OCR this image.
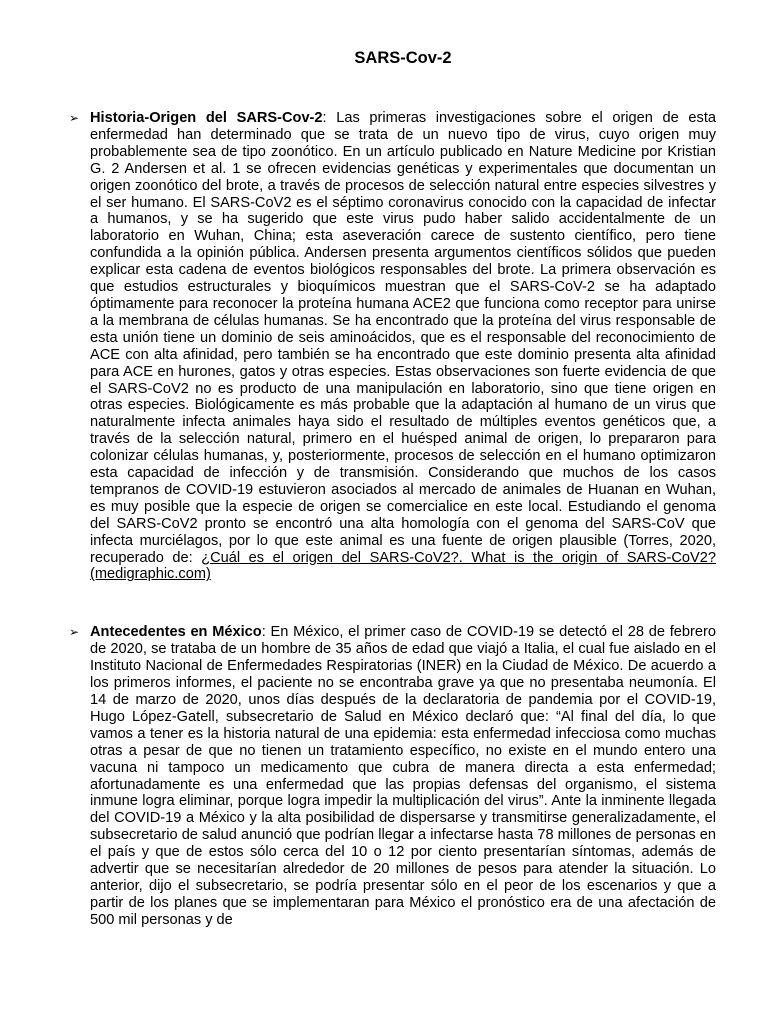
SARS-Cov-2

➢ Historia-Origen del SARS-Cov-2: Las primeras investigaciones sobre el origen de esta enfermedad han determinado que se trata de un nuevo tipo de virus, cuyo origen muy probablemente sea de tipo zoonótico. En un artículo publicado en Nature Medicine por Kristian G. 2 Andersen et al. 1 se ofrecen evidencias genéticas y experimentales que documentan un origen zoonótico del brote, a través de procesos de selección natural entre especies silvestres y el ser humano. El SARS-CoV2 es el séptimo coronavirus conocido con la capacidad de infectar a humanos, y se ha sugerido que este virus pudo haber salido accidentalmente de un laboratorio en Wuhan, China; esta aseveración carece de sustento científico, pero tiene confundida a la opinión pública. Andersen presenta argumentos científicos sólidos que pueden explicar esta cadena de eventos biológicos responsables del brote. La primera observación es que estudios estructurales y bioquímicos muestran que el SARS-CoV-2 se ha adaptado óptimamente para reconocer la proteína humana ACE2 que funciona como receptor para unirse a la membrana de células humanas. Se ha encontrado que la proteína del virus responsable de esta unión tiene un dominio de seis aminoácidos, que es el responsable del reconocimiento de ACE con alta afinidad, pero también se ha encontrado que este dominio presenta alta afinidad para ACE en hurones, gatos y otras especies. Estas observaciones son fuerte evidencia de que el SARS-CoV2 no es producto de una manipulación en laboratorio, sino que tiene origen en otras especies. Biológicamente es más probable que la adaptación al humano de un virus que naturalmente infecta animales haya sido el resultado de múltiples eventos genéticos que, a través de la selección natural, primero en el huésped animal de origen, lo prepararon para colonizar células humanas, y, posteriormente, procesos de selección en el humano optimizaron esta capacidad de infección y de transmisión. Considerando que muchos de los casos tempranos de COVID-19 estuvieron asociados al mercado de animales de Huanan en Wuhan, es muy posible que la especie de origen se comercialice en este local. Estudiando el genoma del SARS-CoV2 pronto se encontró una alta homología con el genoma del SARS-CoV que infecta murciélagos, por lo que este animal es una fuente de origen plausible (Torres, 2020, recuperado de: ¿Cuál es el origen del SARS-CoV2?. What is the origin of SARS-CoV2? (medigraphic.com)

➢ Antecedentes en México: En México, el primer caso de COVID-19 se detectó el 28 de febrero de 2020, se trataba de un hombre de 35 años de edad que viajó a Italia, el cual fue aislado en el Instituto Nacional de Enfermedades Respiratorias (INER) en la Ciudad de México. De acuerdo a los primeros informes, el paciente no se encontraba grave ya que no presentaba neumonía. El 14 de marzo de 2020, unos días después de la declaratoria de pandemia por el COVID-19, Hugo López-Gatell, subsecretario de Salud en México declaró que: “Al final del día, lo que vamos a tener es la historia natural de una epidemia: esta enfermedad infecciosa como muchas otras a pesar de que no tienen un tratamiento específico, no existe en el mundo entero una vacuna ni tampoco un medicamento que cubra de manera directa a esta enfermedad; afortunadamente es una enfermedad que las propias defensas del organismo, el sistema inmune logra eliminar, porque logra impedir la multiplicación del virus”. Ante la inminente llegada del COVID-19 a México y la alta posibilidad de dispersarse y transmitirse generalizadamente, el subsecretario de salud anunció que podrían llegar a infectarse hasta 78 millones de personas en el país y que de estos sólo cerca del 10 o 12 por ciento presentarían síntomas, además de advertir que se necesitarían alrededor de 20 millones de pesos para atender la situación. Lo anterior, dijo el subsecretario, se podría presentar sólo en el peor de los escenarios y que a partir de los planes que se implementaran para México el pronóstico era de una afectación de 500 mil personas y de
